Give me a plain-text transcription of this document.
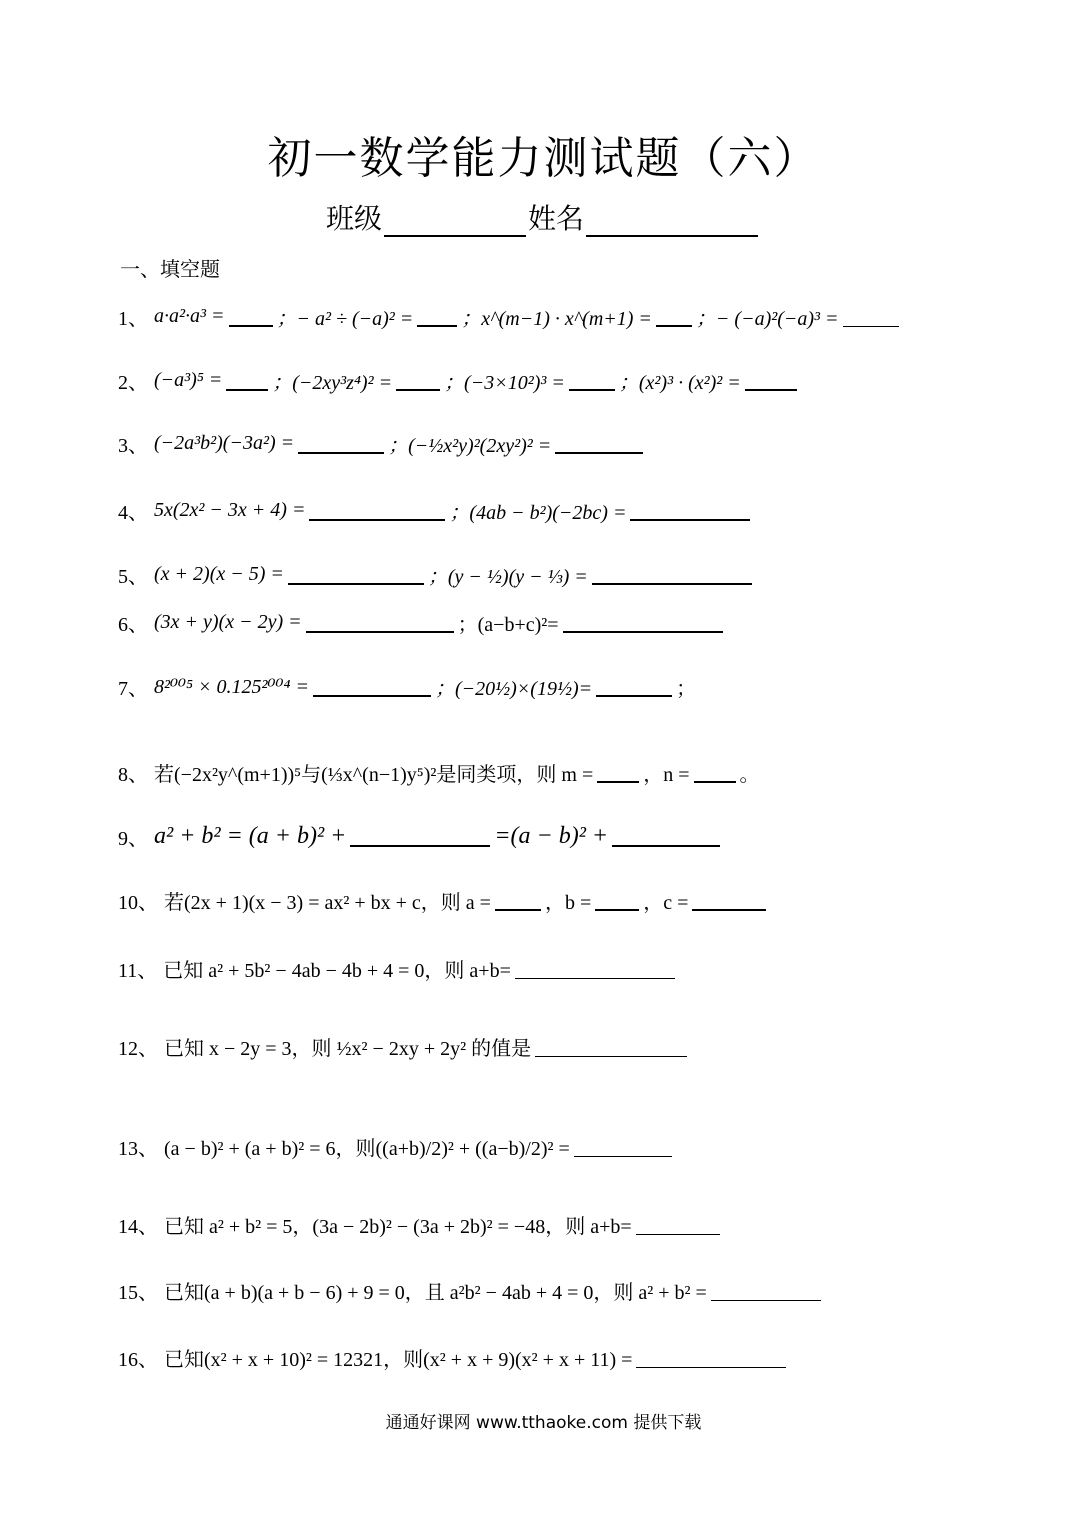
初一数学能力测试题（六）
班级	姓名
一、填空题
1、 a·a²·a³ =	；− a² ÷ (−a)² = ；x^(m−1) · x^(m+1) = ；− (−a)²(−a)³ =
2、 (−a³)⁵ =	；(−2xy³z⁴)² =	；(−3×10²)³ =	；(x²)³ · (x²)² =
3、 (−2a³b²)(−3a²) =	；(−½x²y)²(2xy²)² =
4、 5x(2x² − 3x + 4) =	；(4ab − b²)(−2bc) =
5、 (x + 2)(x − 5) =	；(y − ½)(y − ⅓) =
6、 (3x + y)(x − 2y) =	；(a−b+c)²=
7、 8²⁰⁰⁵ × 0.125²⁰⁰⁴ =	；(−20½)×(19½)=	；
8、 若(−2x²y^(m+1))⁵与(⅓x^(n−1)y⁵)²是同类项，则 m =	，n =	。
9、 a² + b² = (a + b)² +	=(a − b)² +
10、 若(2x + 1)(x − 3) = ax² + bx + c，则 a =	，b =	，c =
11、 已知 a² + 5b² − 4ab − 4b + 4 = 0，则 a+b=
12、 已知 x − 2y = 3，则 ½x² − 2xy + 2y² 的值是
13、 (a − b)² + (a + b)² = 6，则((a+b)/2)² + ((a−b)/2)² =
14、 已知 a² + b² = 5，(3a − 2b)² − (3a + 2b)² = −48，则 a+b=
15、 已知(a + b)(a + b − 6) + 9 = 0，且 a²b² − 4ab + 4 = 0，则 a² + b² =
16、 已知(x² + x + 10)² = 12321，则(x² + x + 9)(x² + x + 11) =
通通好课网 www.tthaoke.com 提供下载
